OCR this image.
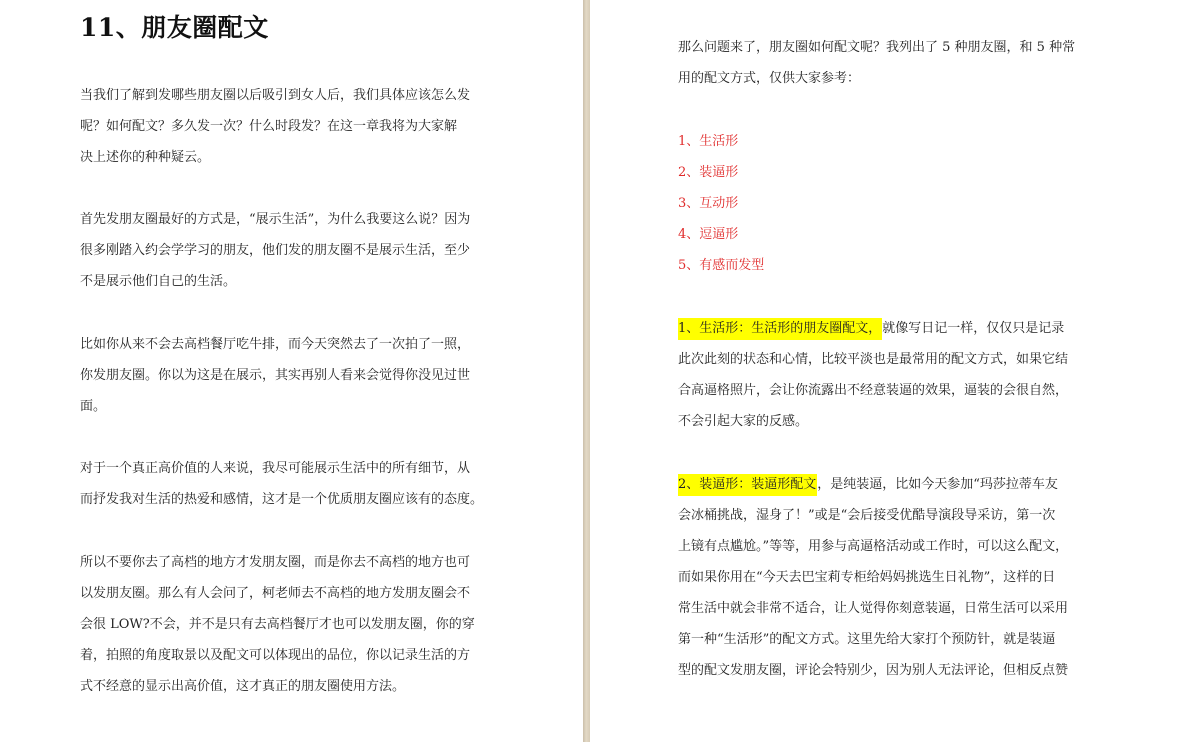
11、朋友圈配文
当我们了解到发哪些朋友圈以后吸引到女人后，我们具体应该怎么发
呢？如何配文？多久发一次？什么时段发？在这一章我将为大家解
决上述你的种种疑云。
首先发朋友圈最好的方式是，“展示生活”，为什么我要这么说？因为
很多刚踏入约会学学习的朋友，他们发的朋友圈不是展示生活，至少
不是展示他们自己的生活。
比如你从来不会去高档餐厅吃牛排，而今天突然去了一次拍了一照，
你发朋友圈。你以为这是在展示，其实再别人看来会觉得你没见过世
面。
对于一个真正高价值的人来说，我尽可能展示生活中的所有细节，从
而抒发我对生活的热爱和感情，这才是一个优质朋友圈应该有的态度。
所以不要你去了高档的地方才发朋友圈，而是你去不高档的地方也可
以发朋友圈。那么有人会问了，柯老师去不高档的地方发朋友圈会不
会很 LOW?不会，并不是只有去高档餐厅才也可以发朋友圈，你的穿
着，拍照的角度取景以及配文可以体现出的品位，你以记录生活的方
式不经意的显示出高价值，这才真正的朋友圈使用方法。
那么问题来了，朋友圈如何配文呢？我列出了 5 种朋友圈，和 5 种常
用的配文方式，仅供大家参考：
1、生活形
2、装逼形
3、互动形
4、逗逼形
5、有感而发型
1、生活形：生活形的朋友圈配文，就像写日记一样，仅仅只是记录
此次此刻的状态和心情，比较平淡也是最常用的配文方式，如果它结
合高逼格照片，会让你流露出不经意装逼的效果，逼装的会很自然，
不会引起大家的反感。
2、装逼形：装逼形配文，是纯装逼，比如今天参加“玛莎拉蒂车友
会冰桶挑战，湿身了！”或是“会后接受优酷导演段导采访，第一次
上镜有点尴尬。”等等，用参与高逼格活动或工作时，可以这么配文，
而如果你用在“今天去巴宝莉专柜给妈妈挑选生日礼物”，这样的日
常生活中就会非常不适合，让人觉得你刻意装逼，日常生活可以采用
第一种“生活形”的配文方式。这里先给大家打个预防针，就是装逼
型的配文发朋友圈，评论会特别少，因为别人无法评论，但相反点赞
